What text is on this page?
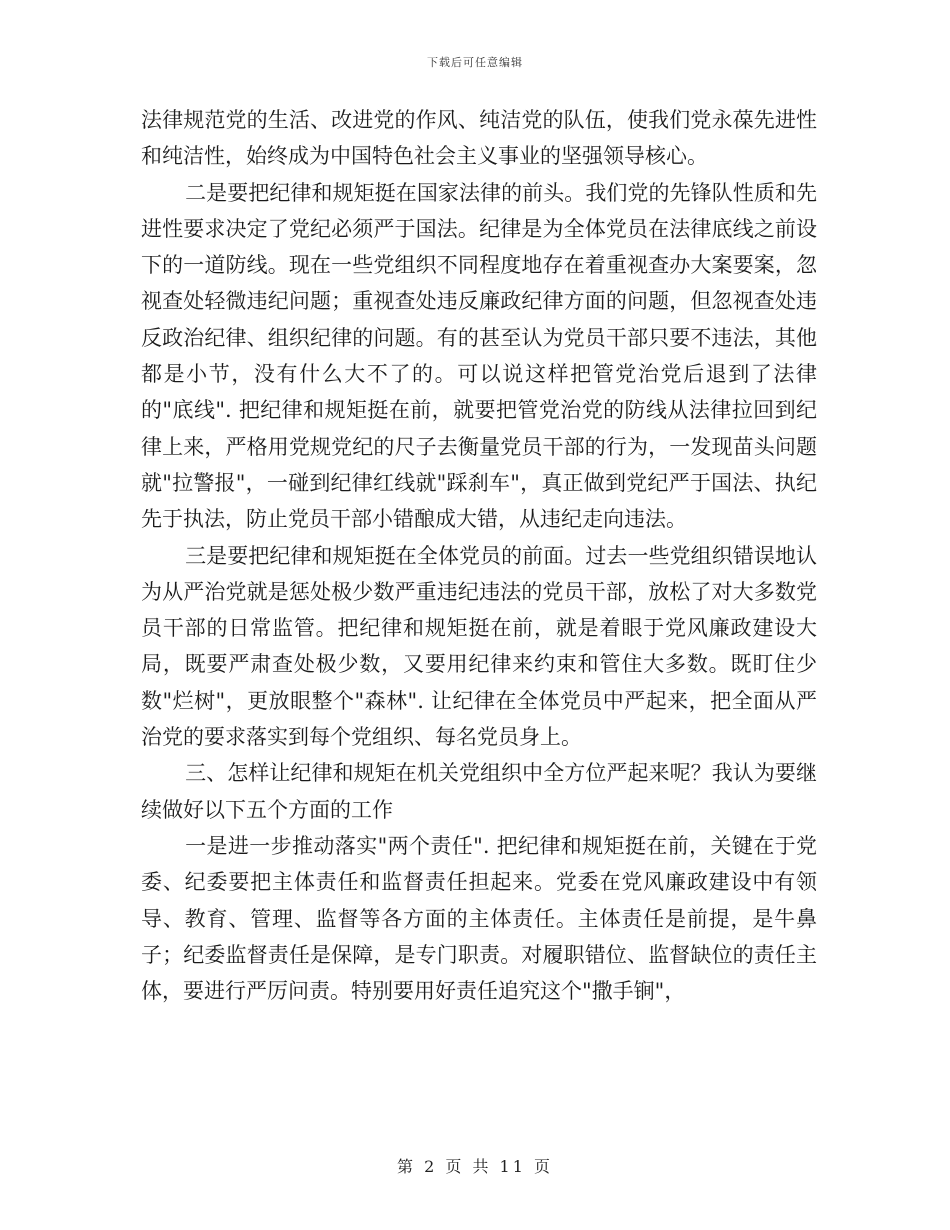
下载后可任意编辑

法律规范党的生活、改进党的作风、纯洁党的队伍，使我们党永葆先进性和纯洁性，始终成为中国特色社会主义事业的坚强领导核心。

二是要把纪律和规矩挺在国家法律的前头。我们党的先锋队性质和先进性要求决定了党纪必须严于国法。纪律是为全体党员在法律底线之前设下的一道防线。现在一些党组织不同程度地存在着重视查办大案要案，忽视查处轻微违纪问题；重视查处违反廉政纪律方面的问题，但忽视查处违反政治纪律、组织纪律的问题。有的甚至认为党员干部只要不违法，其他都是小节，没有什么大不了的。可以说这样把管党治党后退到了法律的"底线". 把纪律和规矩挺在前，就要把管党治党的防线从法律拉回到纪律上来，严格用党规党纪的尺子去衡量党员干部的行为，一发现苗头问题就"拉警报"，一碰到纪律红线就"踩刹车"，真正做到党纪严于国法、执纪先于执法，防止党员干部小错酿成大错，从违纪走向违法。

三是要把纪律和规矩挺在全体党员的前面。过去一些党组织错误地认为从严治党就是惩处极少数严重违纪违法的党员干部，放松了对大多数党员干部的日常监管。把纪律和规矩挺在前，就是着眼于党风廉政建设大局，既要严肃查处极少数，又要用纪律来约束和管住大多数。既盯住少数"烂树"，更放眼整个"森林". 让纪律在全体党员中严起来，把全面从严治党的要求落实到每个党组织、每名党员身上。

三、怎样让纪律和规矩在机关党组织中全方位严起来呢？我认为要继续做好以下五个方面的工作

一是进一步推动落实"两个责任". 把纪律和规矩挺在前，关键在于党委、纪委要把主体责任和监督责任担起来。党委在党风廉政建设中有领导、教育、管理、监督等各方面的主体责任。主体责任是前提，是牛鼻子；纪委监督责任是保障，是专门职责。对履职错位、监督缺位的责任主体，要进行严厉问责。特别要用好责任追究这个"撒手锏"，

第 2 页 共 11 页
